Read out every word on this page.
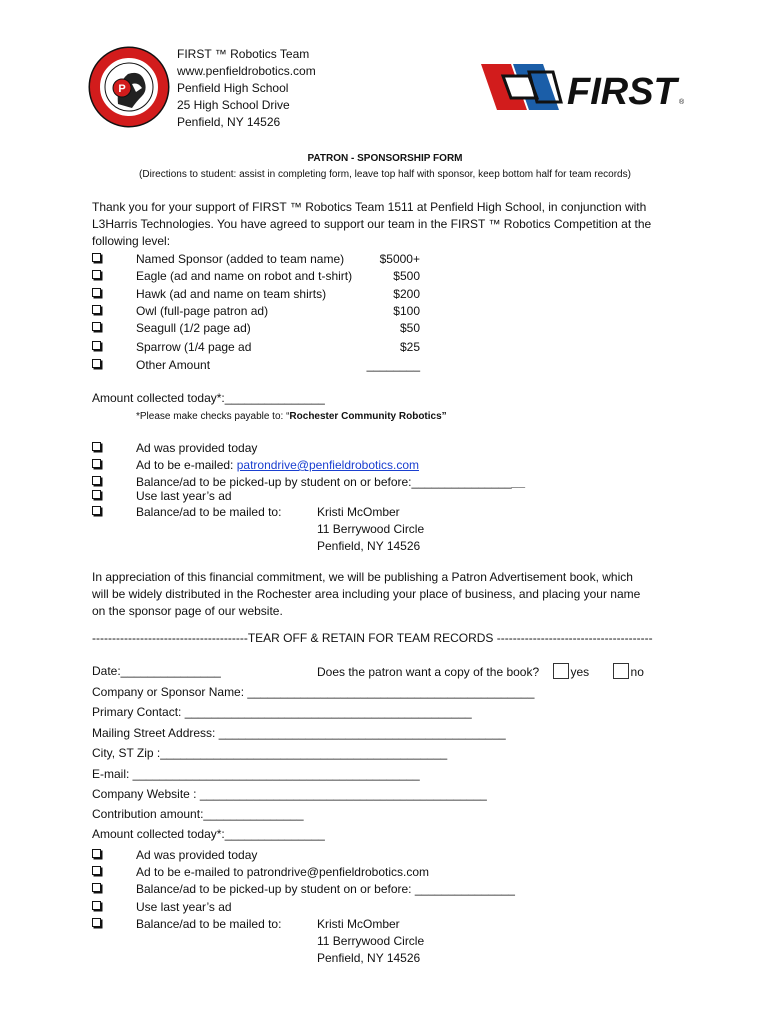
P
FIRST ™ Robotics Team
www.penfieldrobotics.com
Penfield High School
25 High School Drive
Penfield, NY 14526
FIRST ®
PATRON - SPONSORSHIP FORM
(Directions to student: assist in completing form, leave top half with sponsor, keep bottom half for team records)
Thank you for your support of FIRST ™ Robotics Team 1511 at Penfield High School, in conjunction with
L3Harris Technologies. You have agreed to support our team in the FIRST ™ Robotics Competition at the
following level:
Named Sponsor (added to team name)	$5000+
Eagle (ad and name on robot and t-shirt)	$500
Hawk (ad and name on team shirts)	$200
Owl (full-page patron ad)	$100
Seagull (1/2 page ad)	$50
Sparrow (1/4 page ad	$25
Other Amount	________
Amount collected today*:_______________
*Please make checks payable to: “Rochester Community Robotics”
Ad was provided today
Ad to be e-mailed: patrondrive@penfieldrobotics.com
Balance/ad to be picked-up by student on or before:_________________
Use last year’s ad
Balance/ad to be mailed to:	Kristi McOmber
11 Berrywood Circle
Penfield, NY 14526
In appreciation of this financial commitment, we will be publishing a Patron Advertisement book, which
will be widely distributed in the Rochester area including your place of business, and placing your name
on the sponsor page of our website.
---------------------------------------TEAR OFF & RETAIN FOR TEAM RECORDS ---------------------------------------
Date:_______________	Does the patron want a copy of the book?	yes	no
Company or Sponsor Name: ___________________________________________
Primary Contact: ___________________________________________
Mailing Street Address: ___________________________________________
City, ST Zip :___________________________________________
E-mail: ___________________________________________
Company Website : ___________________________________________
Contribution amount:_______________
Amount collected today*:_______________
Ad was provided today
Ad to be e-mailed to patrondrive@penfieldrobotics.com
Balance/ad to be picked-up by student on or before: _______________
Use last year’s ad
Balance/ad to be mailed to:	Kristi McOmber
11 Berrywood Circle
Penfield, NY 14526
